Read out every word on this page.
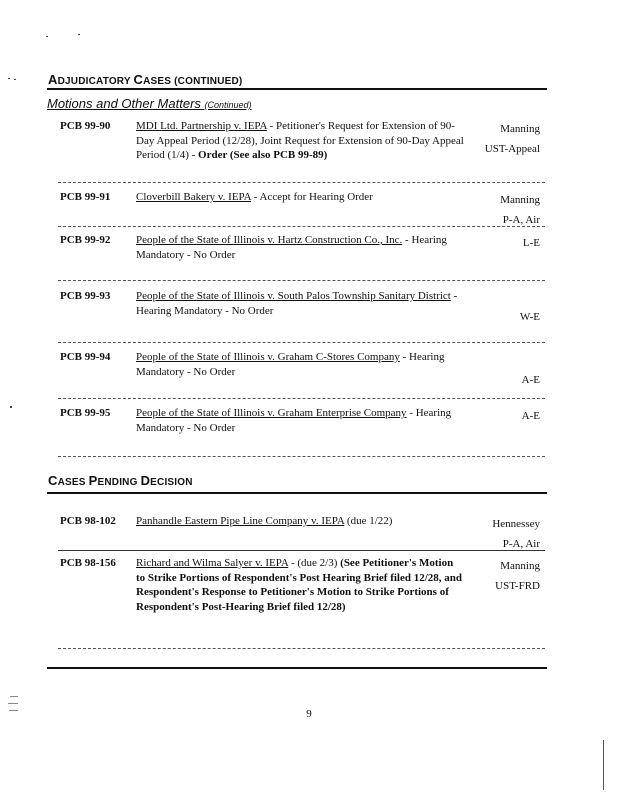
ADJUDICATORY CASES (CONTINUED)
Motions and Other Matters (Continued)
PCB 99-90 MDI Ltd. Partnership v. IEPA - Petitioner's Request for Extension of 90-Day Appeal Period (12/28), Joint Request for Extension of 90-Day Appeal Period (1/4) - Order (See also PCB 99-89)
Manning
UST-Appeal
PCB 99-91 Cloverbill Bakery v. IEPA - Accept for Hearing Order	Manning
P-A, Air
PCB 99-92 People of the State of Illinois v. Hartz Construction Co., Inc. - Hearing Mandatory - No Order
L-E
PCB 99-93 People of the State of Illinois v. South Palos Township Sanitary District - Hearing Mandatory - No Order
W-E
PCB 99-94 People of the State of Illinois v. Graham C-Stores Company - Hearing Mandatory - No Order
A-E
PCB 99-95 People of the State of Illinois v. Graham Enterprise Company - Hearing Mandatory - No Order
A-E
CASES PENDING DECISION
PCB 98-102 Panhandle Eastern Pipe Line Company v. IEPA (due 1/22)	Hennessey
P-A, Air
PCB 98-156 Richard and Wilma Salyer v. IEPA - (due 2/3) (See Petitioner's Motion to Strike Portions of Respondent's Post Hearing Brief filed 12/28, and Respondent's Response to Petitioner's Motion to Strike Portions of Respondent's Post-Hearing Brief filed 12/28)
Manning
UST-FRD
9
